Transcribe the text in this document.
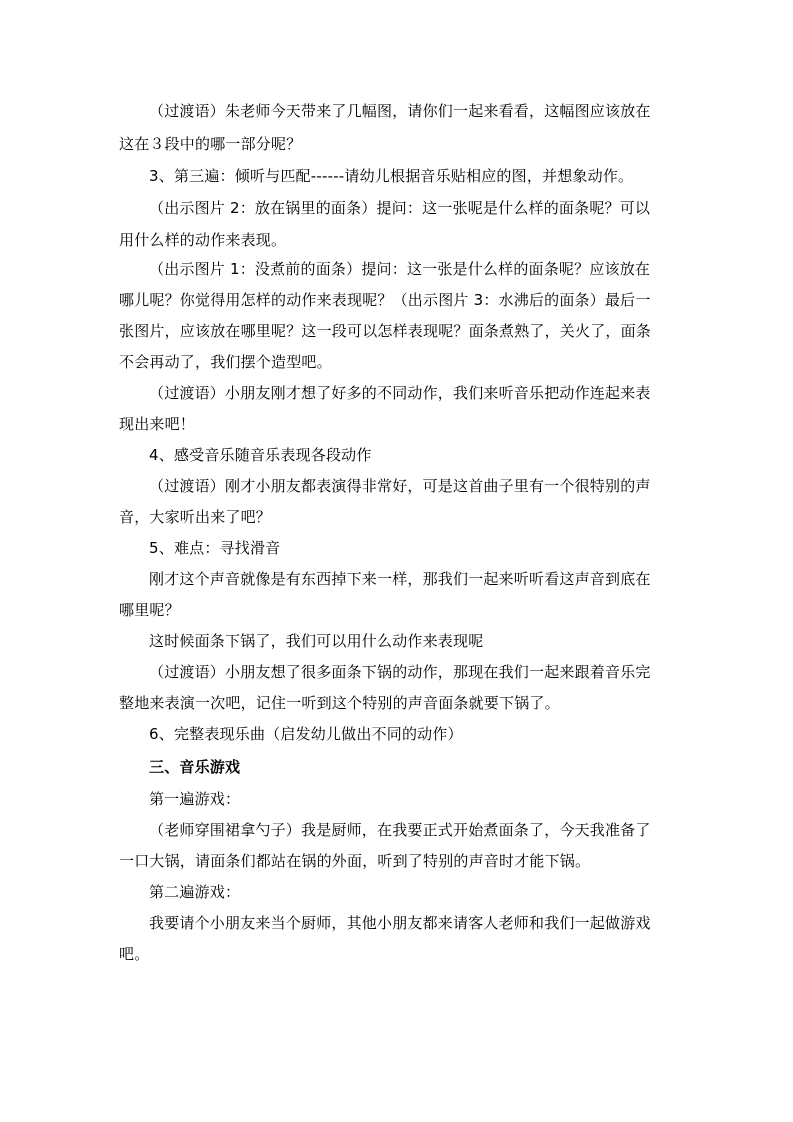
（过渡语）朱老师今天带来了几幅图，请你们一起来看看，这幅图应该放在
这在３段中的哪一部分呢？
3、第三遍：倾听与匹配------请幼儿根据音乐贴相应的图，并想象动作。
（出示图片 2：放在锅里的面条）提问：这一张呢是什么样的面条呢？可以
用什么样的动作来表现。
（出示图片 1：没煮前的面条）提问：这一张是什么样的面条呢？应该放在
哪儿呢？你觉得用怎样的动作来表现呢？（出示图片 3：水沸后的面条）最后一
张图片，应该放在哪里呢？这一段可以怎样表现呢？面条煮熟了，关火了，面条
不会再动了，我们摆个造型吧。
（过渡语）小朋友刚才想了好多的不同动作，我们来听音乐把动作连起来表
现出来吧！
4、感受音乐随音乐表现各段动作
（过渡语）刚才小朋友都表演得非常好，可是这首曲子里有一个很特别的声
音，大家听出来了吧？
5、难点：寻找滑音
刚才这个声音就像是有东西掉下来一样，那我们一起来听听看这声音到底在
哪里呢？
这时候面条下锅了，我们可以用什么动作来表现呢
（过渡语）小朋友想了很多面条下锅的动作，那现在我们一起来跟着音乐完
整地来表演一次吧，记住一听到这个特别的声音面条就要下锅了。
6、完整表现乐曲（启发幼儿做出不同的动作）
三、音乐游戏
第一遍游戏：
（老师穿围裙拿勺子）我是厨师，在我要正式开始煮面条了，今天我准备了
一口大锅，请面条们都站在锅的外面，听到了特别的声音时才能下锅。
第二遍游戏：
我要请个小朋友来当个厨师，其他小朋友都来请客人老师和我们一起做游戏
吧。
